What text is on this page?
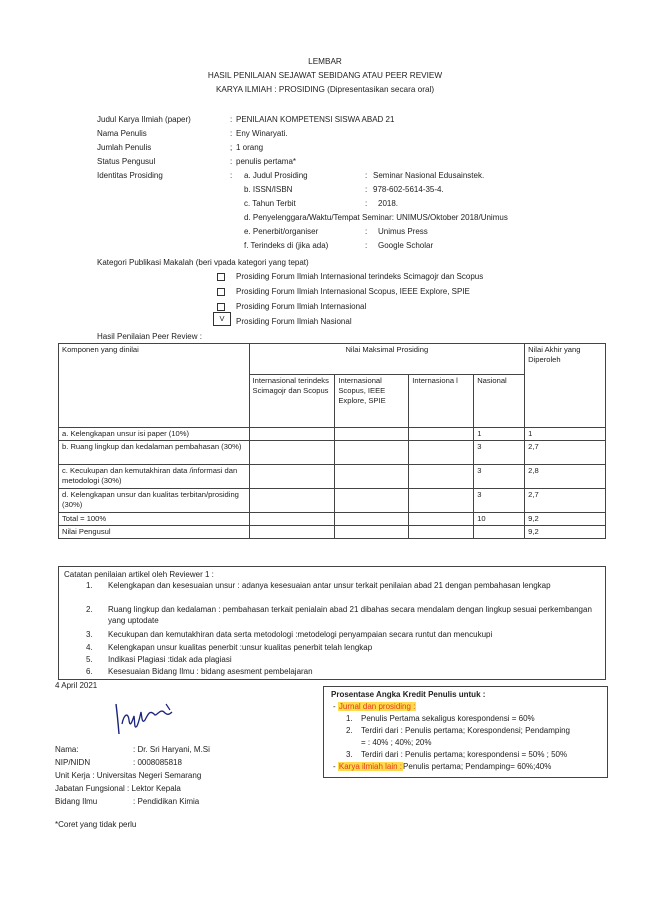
LEMBAR
HASIL PENILAIAN SEJAWAT SEBIDANG ATAU PEER REVIEW
KARYA ILMIAH : PROSIDING (Dipresentasikan secara oral)
Judul Karya Ilmiah (paper)	: PENILAIAN KOMPETENSI SISWA ABAD 21
Nama Penulis	: Eny Winaryati.
Jumlah Penulis	; 1 orang
Status Pengusul	: penulis pertama*
Identitas Prosiding	: a. Judul Prosiding	: Seminar Nasional Edusainstek.
b. ISSN/ISBN	: 978-602-5614-35-4.
c. Tahun Terbit	: 2018.
d. Penyelenggara/Waktu/Tempat Seminar: UNIMUS/Oktober 2018/Unimus
e. Penerbit/organiser	: Unimus Press
f. Terindeks di (jika ada)	: Google Scholar
Kategori Publikasi Makalah (beri vpada kategori yang tepat)
Prosiding Forum Ilmiah Internasional terindeks Scimagojr dan Scopus
Prosiding Forum Ilmiah Internasional Scopus, IEEE Explore, SPIE
Prosiding Forum Ilmiah Internasional
V	Prosiding Forum Ilmiah Nasional
Hasil Penilaian Peer Review :
Komponen yang dinilai	Nilai Maksimal Prosiding				Nilai Akhir yang Diperoleh
	Internasional terindeks Scimagojr dan Scopus	Internasional Scopus, IEEE Explore, SPIE	Internasiona l	Nasional	
a. Kelengkapan unsur isi paper (10%)				1	1
b. Ruang lingkup dan kedalaman pembahasan (30%)				3	2,7
c. Kecukupan dan kemutakhiran data /informasi dan metodologi (30%)				3	2,8
d. Kelengkapan unsur dan kualitas terbitan/prosiding (30%)				3	2,7
Total = 100%				10	9,2
Nilai Pengusul					9,2
Catatan penilaian artikel oleh Reviewer 1 :
1. Kelengkapan dan kesesuaian unsur : adanya kesesuaian antar unsur terkait penilaian abad 21 dengan pembahasan lengkap
2. Ruang lingkup dan kedalaman : pembahasan terkait penialain abad 21 dibahas secara mendalam dengan lingkup sesuai perkembangan yang uptodate
3. Kecukupan dan kemutakhiran data serta metodologi :metodelogi penyampaian secara runtut dan mencukupi
4. Kelengkapan unsur kualitas penerbit :unsur kualitas penerbit telah lengkap
5. Indikasi Plagiasi :tidak ada plagiasi
6. Kesesuaian Bidang Ilmu : bidang asesment pembelajaran
4 April 2021
Nama:	: Dr. Sri Haryani, M.Si
NIP/NIDN	: 0008085818
Unit Kerja : Universitas Negeri Semarang
Jabatan Fungsional : Lektor Kepala
Bidang Ilmu	: Pendidikan Kimia
*Coret yang tidak perlu
Prosentase Angka Kredit Penulis untuk :
- Jurnal dan prosiding :
1. Penulis Pertama sekaligus korespondensi = 60%
2. Terdiri dari : Penulis pertama; Korespondensi; Pendamping
= : 40% ; 40%; 20%
3. Terdiri dari : Penulis pertama; korespondensi = 50% ; 50%
- Karya ilmiah lain :Penulis pertama; Pendamping= 60%;40%
